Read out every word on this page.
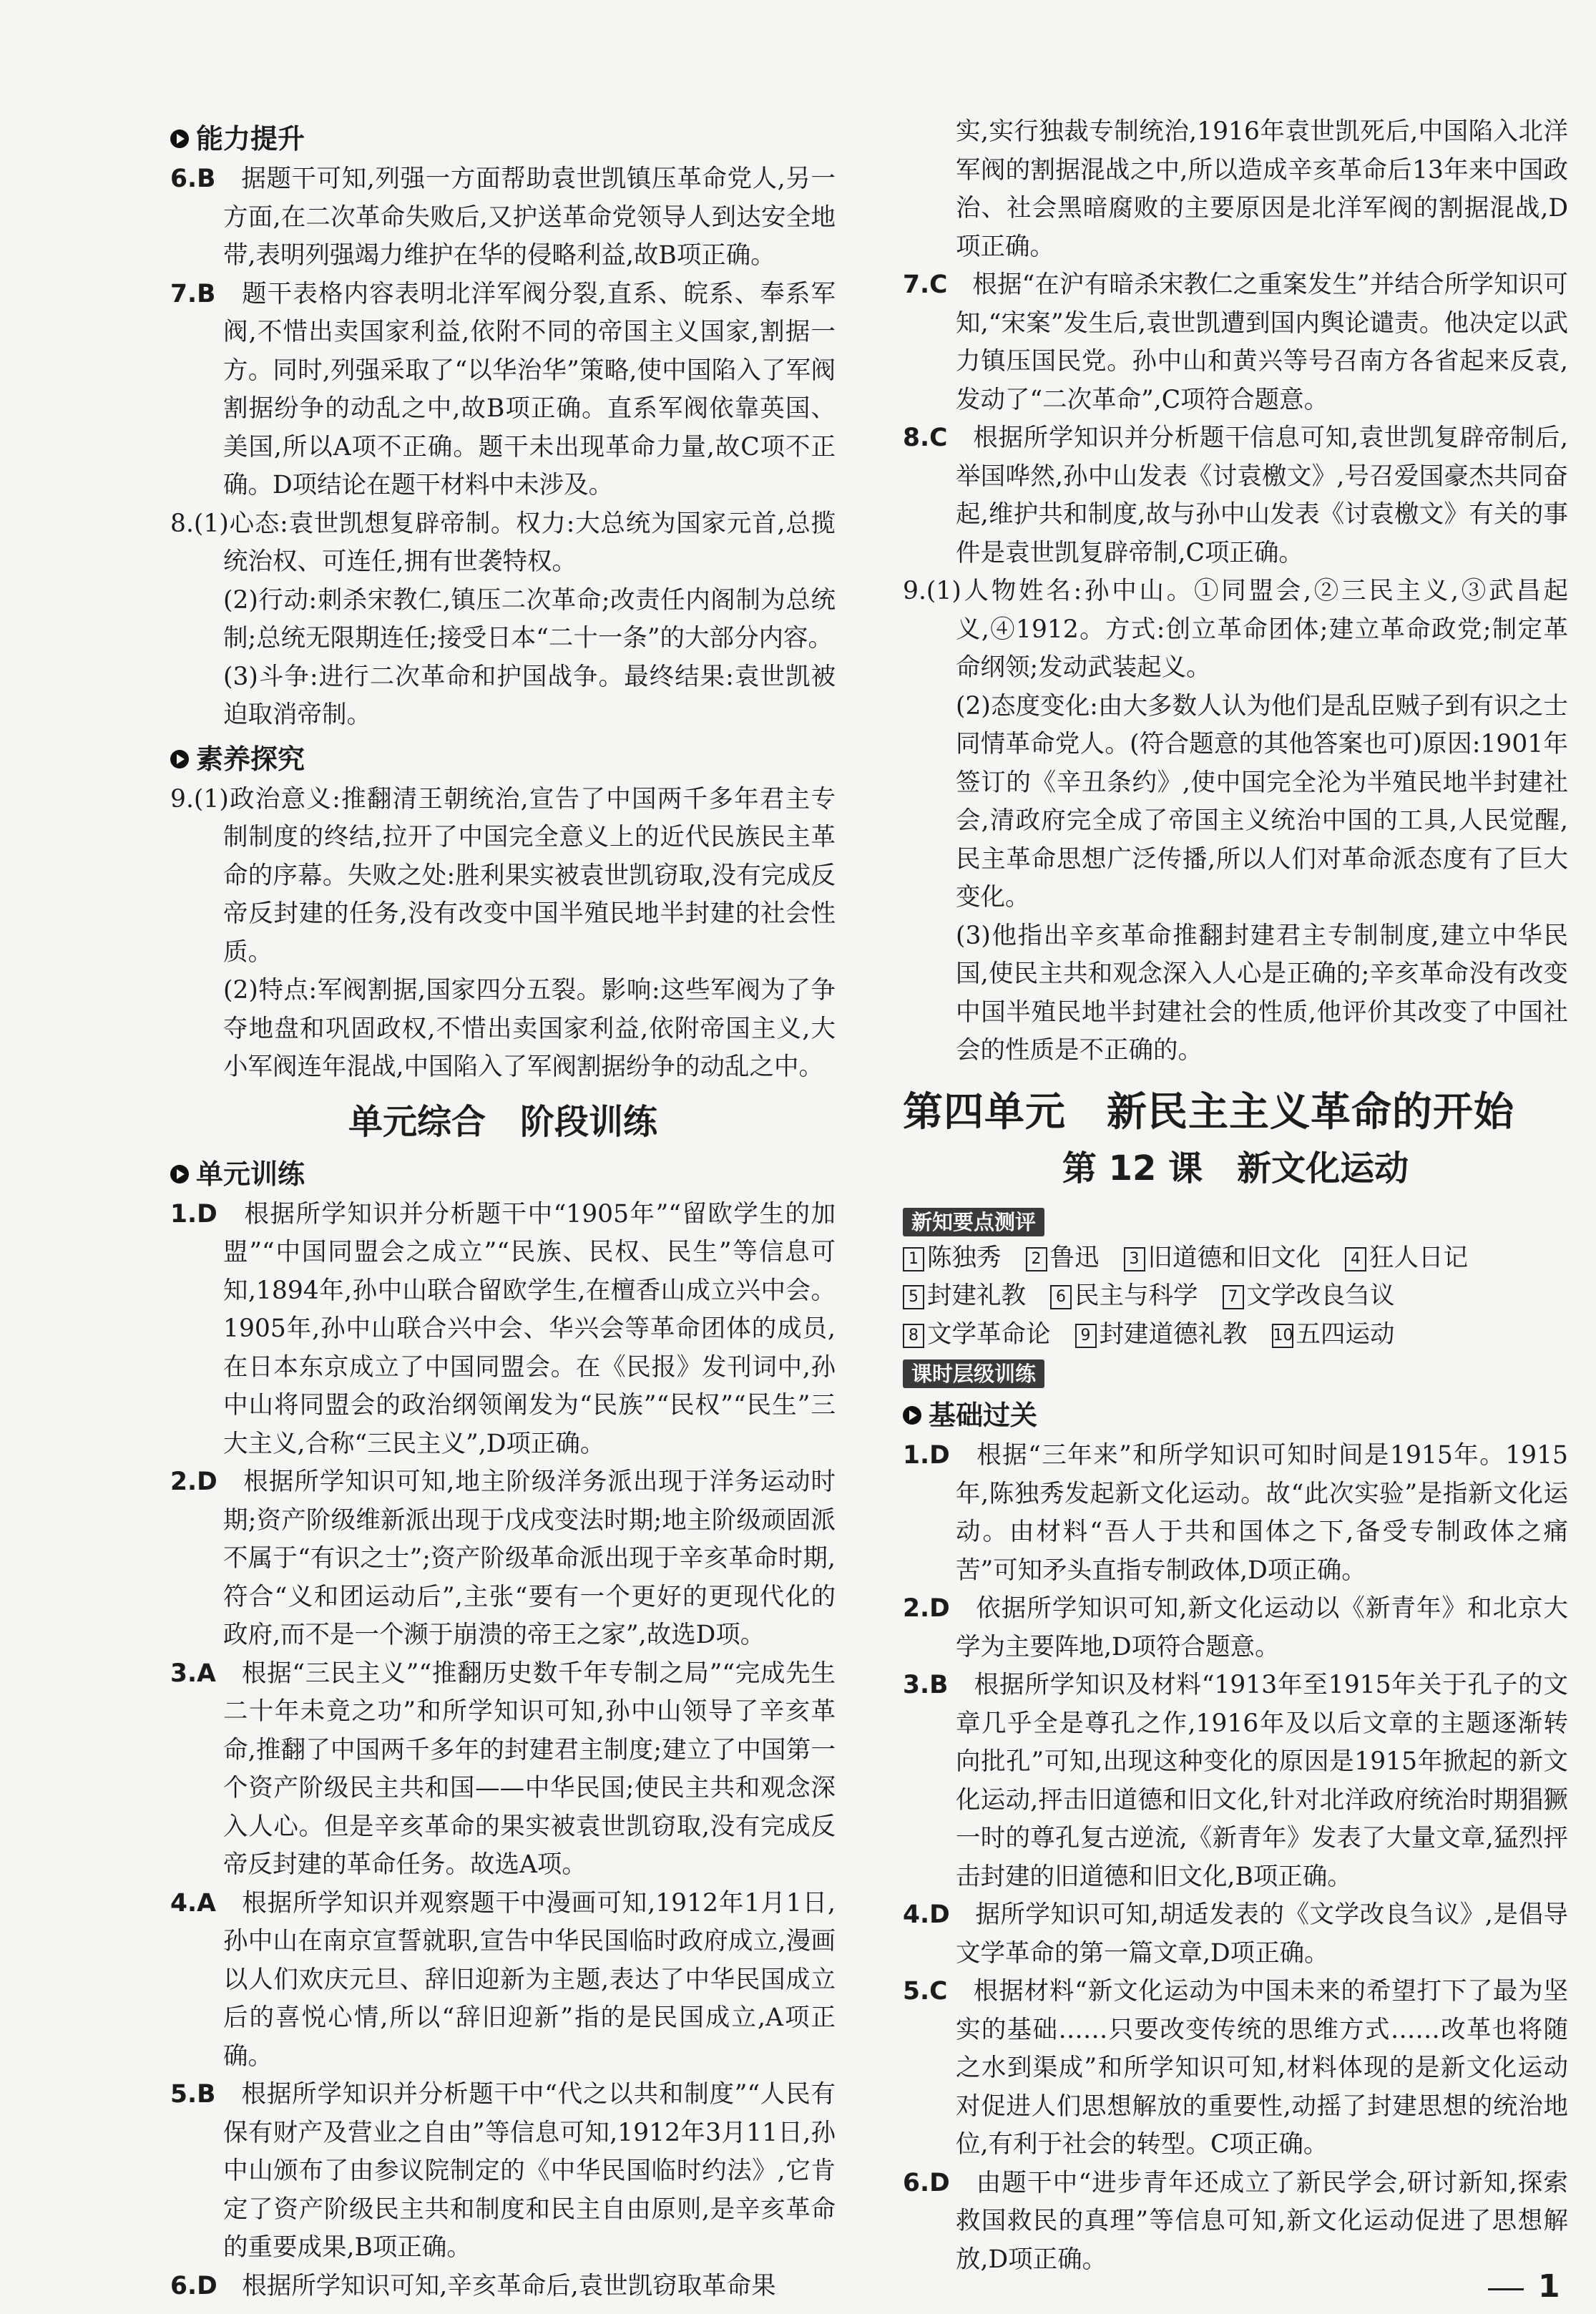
能力提升

6.B　 据题干可知,列强一方面帮助袁世凯镇压革命党人,另一方面,在二次革命失败后,又护送革命党领导人到达安全地带,表明列强竭力维护在华的侵略利益,故B项正确。

7.B　 题干表格内容表明北洋军阀分裂,直系、皖系、奉系军阀,不惜出卖国家利益,依附不同的帝国主义国家,割据一方。同时,列强采取了“以华治华”策略,使中国陷入了军阀割据纷争的动乱之中,故B项正确。直系军阀依靠英国、美国,所以A项不正确。题干未出现革命力量,故C项不正确。D项结论在题干材料中未涉及。

8.(1)心态:袁世凯想复辟帝制。权力:大总统为国家元首,总揽统治权、可连任,拥有世袭特权。

(2)行动:刺杀宋教仁,镇压二次革命;改责任内阁制为总统制;总统无限期连任;接受日本“二十一条”的大部分内容。

(3)斗争:进行二次革命和护国战争。最终结果:袁世凯被迫取消帝制。

素养探究

9.(1)政治意义:推翻清王朝统治,宣告了中国两千多年君主专制制度的终结,拉开了中国完全意义上的近代民族民主革命的序幕。失败之处:胜利果实被袁世凯窃取,没有完成反帝反封建的任务,没有改变中国半殖民地半封建的社会性质。

(2)特点:军阀割据,国家四分五裂。影响:这些军阀为了争夺地盘和巩固政权,不惜出卖国家利益,依附帝国主义,大小军阀连年混战,中国陷入了军阀割据纷争的动乱之中。

单元综合　阶段训练
单元训练

1.D　 根据所学知识并分析题干中“1905年”“留欧学生的加盟”“中国同盟会之成立”“民族、民权、民生”等信息可知,1894年,孙中山联合留欧学生,在檀香山成立兴中会。1905年,孙中山联合兴中会、华兴会等革命团体的成员,在日本东京成立了中国同盟会。在《民报》发刊词中,孙中山将同盟会的政治纲领阐发为“民族”“民权”“民生”三大主义,合称“三民主义”,D项正确。

2.D　 根据所学知识可知,地主阶级洋务派出现于洋务运动时期;资产阶级维新派出现于戊戌变法时期;地主阶级顽固派不属于“有识之士”;资产阶级革命派出现于辛亥革命时期,符合“义和团运动后”,主张“要有一个更好的更现代化的政府,而不是一个濒于崩溃的帝王之家”,故选D项。

3.A　 根据“三民主义”“推翻历史数千年专制之局”“完成先生二十年未竟之功”和所学知识可知,孙中山领导了辛亥革命,推翻了中国两千多年的封建君主制度;建立了中国第一个资产阶级民主共和国——中华民国;使民主共和观念深入人心。但是辛亥革命的果实被袁世凯窃取,没有完成反帝反封建的革命任务。故选A项。

4.A　 根据所学知识并观察题干中漫画可知,1912年1月1日,孙中山在南京宣誓就职,宣告中华民国临时政府成立,漫画以人们欢庆元旦、辞旧迎新为主题,表达了中华民国成立后的喜悦心情,所以“辞旧迎新”指的是民国成立,A项正确。

5.B　 根据所学知识并分析题干中“代之以共和制度”“人民有保有财产及营业之自由”等信息可知,1912年3月11日,孙中山颁布了由参议院制定的《中华民国临时约法》,它肯定了资产阶级民主共和制度和民主自由原则,是辛亥革命的重要成果,B项正确。

6.D　 根据所学知识可知,辛亥革命后,袁世凯窃取革命果

实,实行独裁专制统治,1916年袁世凯死后,中国陷入北洋军阀的割据混战之中,所以造成辛亥革命后13年来中国政治、社会黑暗腐败的主要原因是北洋军阀的割据混战,D项正确。

7.C　 根据“在沪有暗杀宋教仁之重案发生”并结合所学知识可知,“宋案”发生后,袁世凯遭到国内舆论谴责。他决定以武力镇压国民党。孙中山和黄兴等号召南方各省起来反袁,发动了“二次革命”,C项符合题意。

8.C　 根据所学知识并分析题干信息可知,袁世凯复辟帝制后,举国哗然,孙中山发表《讨袁檄文》,号召爱国豪杰共同奋起,维护共和制度,故与孙中山发表《讨袁檄文》有关的事件是袁世凯复辟帝制,C项正确。

9.(1)人物姓名:孙中山。①同盟会,②三民主义,③武昌起义,④1912。方式:创立革命团体;建立革命政党;制定革命纲领;发动武装起义。

(2)态度变化:由大多数人认为他们是乱臣贼子到有识之士同情革命党人。(符合题意的其他答案也可)原因:1901年签订的《辛丑条约》,使中国完全沦为半殖民地半封建社会,清政府完全成了帝国主义统治中国的工具,人民觉醒,民主革命思想广泛传播,所以人们对革命派态度有了巨大变化。

(3)他指出辛亥革命推翻封建君主专制制度,建立中华民国,使民主共和观念深入人心是正确的;辛亥革命没有改变中国半殖民地半封建社会的性质,他评价其改变了中国社会的性质是不正确的。

第四单元　新民主主义革命的开始
第 12 课　新文化运动
新知要点测评
1 陈独秀	2 鲁迅	3 旧道德和旧文化	4 狂人日记
5 封建礼教	6 民主与科学	7 文学改良刍议
8 文学革命论	9 封建道德礼教 10 五四运动
课时层级训练
基础过关

1.D　 根据“三年来”和所学知识可知时间是1915年。1915年,陈独秀发起新文化运动。故“此次实验”是指新文化运动。由材料“吾人于共和国体之下,备受专制政体之痛苦”可知矛头直指专制政体,D项正确。

2.D　 依据所学知识可知,新文化运动以《新青年》和北京大学为主要阵地,D项符合题意。

3.B　 根据所学知识及材料“1913年至1915年关于孔子的文章几乎全是尊孔之作,1916年及以后文章的主题逐渐转向批孔”可知,出现这种变化的原因是1915年掀起的新文化运动,抨击旧道德和旧文化,针对北洋政府统治时期猖獗一时的尊孔复古逆流,《新青年》发表了大量文章,猛烈抨击封建的旧道德和旧文化,B项正确。

4.D　 据所学知识可知,胡适发表的《文学改良刍议》,是倡导文学革命的第一篇文章,D项正确。

5.C　 根据材料“新文化运动为中国未来的希望打下了最为坚实的基础……只要改变传统的思维方式……改革也将随之水到渠成”和所学知识可知,材料体现的是新文化运动对促进人们思想解放的重要性,动摇了封建思想的统治地位,有利于社会的转型。C项正确。

6.D　 由题干中“进步青年还成立了新民学会,研讨新知,探索救国救民的真理”等信息可知,新文化运动促进了思想解放,D项正确。

1
